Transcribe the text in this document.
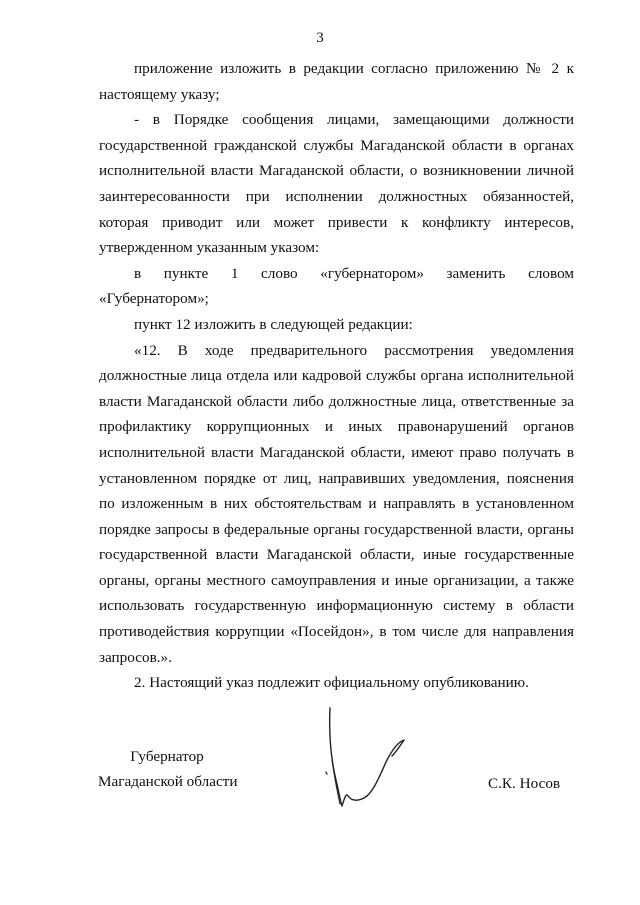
3

приложение изложить в редакции согласно приложению № 2 к настоящему указу;

- в Порядке сообщения лицами, замещающими должности государственной гражданской службы Магаданской области в органах исполнительной власти Магаданской области, о возникновении личной заинтересованности при исполнении должностных обязанностей, которая приводит или может привести к конфликту интересов, утвержденном указанным указом:

в пункте 1 слово «губернатором» заменить словом «Губернатором»;

пункт 12 изложить в следующей редакции:

«12. В ходе предварительного рассмотрения уведомления должностные лица отдела или кадровой службы органа исполнительной власти Магаданской области либо должностные лица, ответственные за профилактику коррупционных и иных правонарушений органов исполнительной власти Магаданской области, имеют право получать в установленном порядке от лиц, направивших уведомления, пояснения по изложенным в них обстоятельствам и направлять в установленном порядке запросы в федеральные органы государственной власти, органы государственной власти Магаданской области, иные государственные органы, органы местного самоуправления и иные организации, а также использовать государственную информационную систему в области противодействия коррупции «Посейдон», в том числе для направления запросов.».

2. Настоящий указ подлежит официальному опубликованию.

Губернатор
Магаданской области	С.К. Носов
